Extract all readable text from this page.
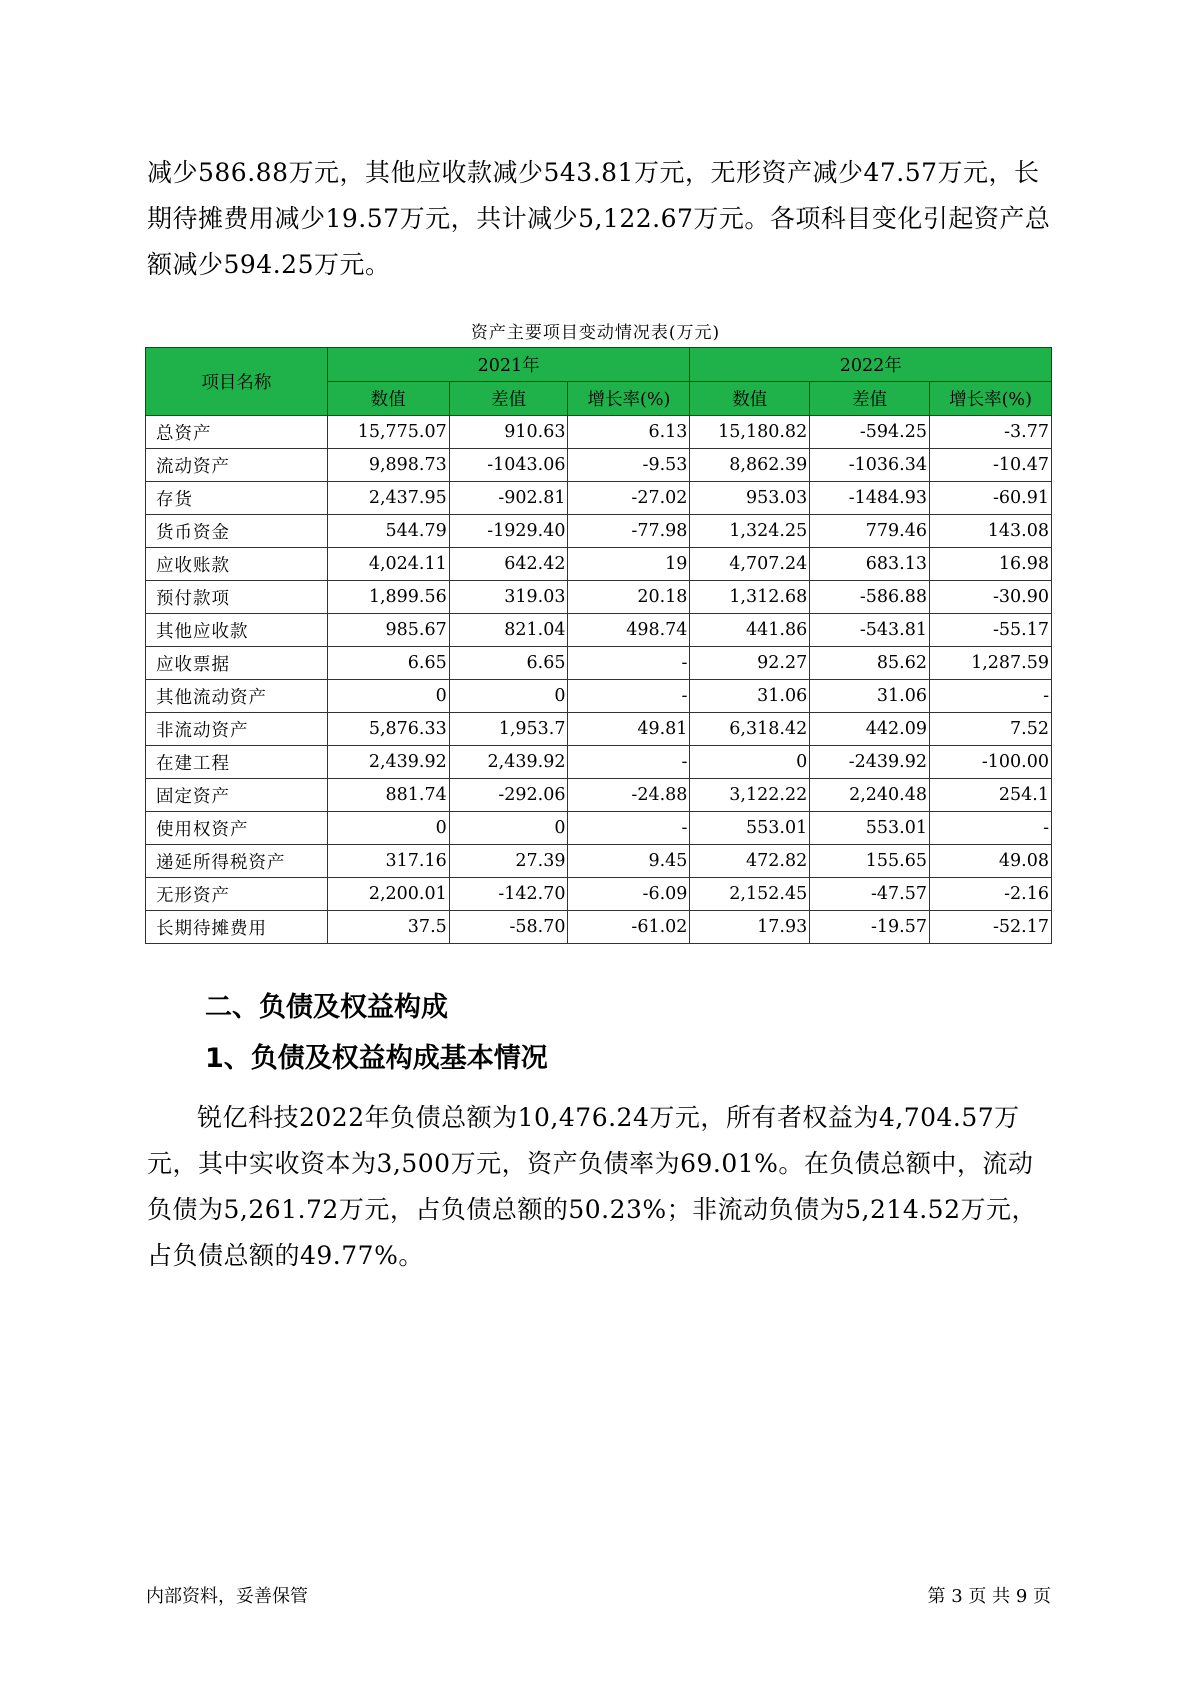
减少586.88万元，其他应收款减少543.81万元，无形资产减少47.57万元，长期待摊费用减少19.57万元，共计减少5,122.67万元。各项科目变化引起资产总额减少594.25万元。

资产主要项目变动情况表(万元)
项目名称	2021年			2022年		
	数值	差值	增长率(%)	数值	差值	增长率(%)
总资产	15,775.07	910.63	6.13	15,180.82	-594.25	-3.77
流动资产	9,898.73	-1043.06	-9.53	8,862.39	-1036.34	-10.47
存货	2,437.95	-902.81	-27.02	953.03	-1484.93	-60.91
货币资金	544.79	-1929.40	-77.98	1,324.25	779.46	143.08
应收账款	4,024.11	642.42	19	4,707.24	683.13	16.98
预付款项	1,899.56	319.03	20.18	1,312.68	-586.88	-30.90
其他应收款	985.67	821.04	498.74	441.86	-543.81	-55.17
应收票据	6.65	6.65	-	92.27	85.62	1,287.59
其他流动资产	0	0	-	31.06	31.06	-
非流动资产	5,876.33	1,953.7	49.81	6,318.42	442.09	7.52
在建工程	2,439.92	2,439.92	-	0	-2439.92	-100.00
固定资产	881.74	-292.06	-24.88	3,122.22	2,240.48	254.1
使用权资产	0	0	-	553.01	553.01	-
递延所得税资产	317.16	27.39	9.45	472.82	155.65	49.08
无形资产	2,200.01	-142.70	-6.09	2,152.45	-47.57	-2.16
长期待摊费用	37.5	-58.70	-61.02	17.93	-19.57	-52.17
二、负债及权益构成
1、负债及权益构成基本情况

锐亿科技2022年负债总额为10,476.24万元，所有者权益为4,704.57万元，其中实收资本为3,500万元，资产负债率为69.01%。在负债总额中，流动负债为5,261.72万元，占负债总额的50.23%；非流动负债为5,214.52万元，占负债总额的49.77%。

内部资料，妥善保管	第 3 页 共 9 页
